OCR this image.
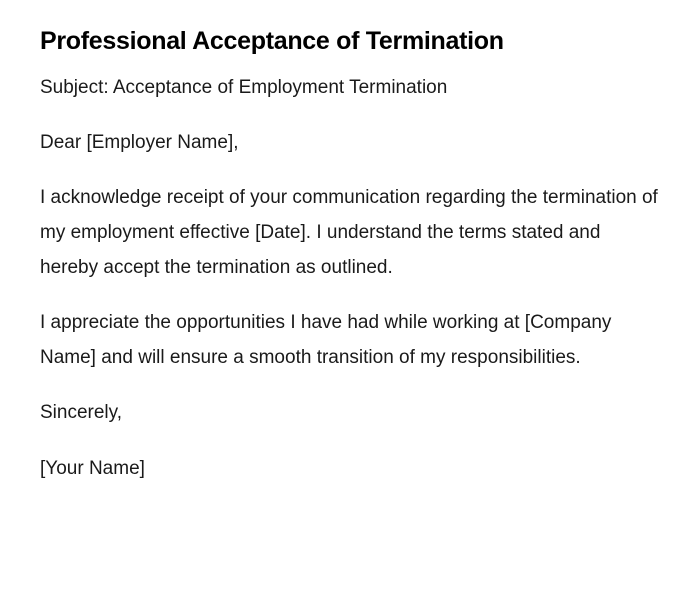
Professional Acceptance of Termination

Subject: Acceptance of Employment Termination

Dear [Employer Name],

I acknowledge receipt of your communication regarding the termination of my employment effective [Date]. I understand the terms stated and hereby accept the termination as outlined.

I appreciate the opportunities I have had while working at [Company Name] and will ensure a smooth transition of my responsibilities.

Sincerely,

[Your Name]
